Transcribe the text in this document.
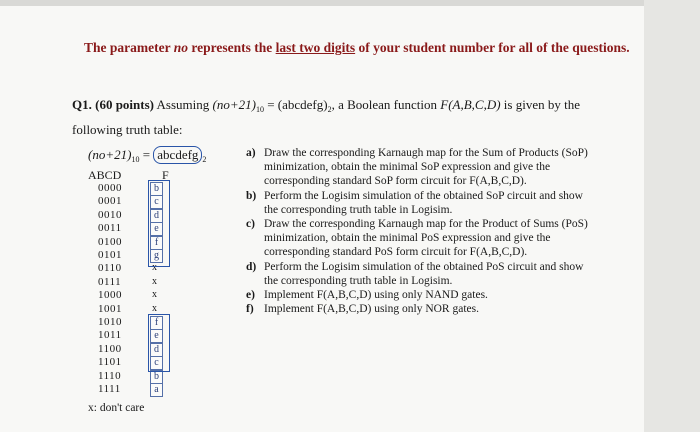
The parameter no represents the last two digits of your student number for all of the questions.
Q1. (60 points) Assuming $(no+21)_{10}$ = $(abcdefg)_2$, a Boolean function F(A,B,C,D) is given by the following truth table:
$(no+21)_{10}$ = abcdefg $_2$
ABCD	F
0000	b
0001	c
0010	d
0011	e
0100	f
0101	g
0110	x
0111	x
1000	x
1001	x
1010	f
1011	e
1100	d
1101	c
1110	b
1111	a
x: don't care
a) Draw the corresponding Karnaugh map for the Sum of Products (SoP) minimization, obtain the minimal SoP expression and give the corresponding standard SoP form circuit for F(A,B,C,D).
b) Perform the Logisim simulation of the obtained SoP circuit and show the corresponding truth table in Logisim.
c) Draw the corresponding Karnaugh map for the Product of Sums (PoS) minimization, obtain the minimal PoS expression and give the corresponding standard PoS form circuit for F(A,B,C,D).
d) Perform the Logisim simulation of the obtained PoS circuit and show the corresponding truth table in Logisim.
e) Implement F(A,B,C,D) using only NAND gates.
f) Implement F(A,B,C,D) using only NOR gates.
